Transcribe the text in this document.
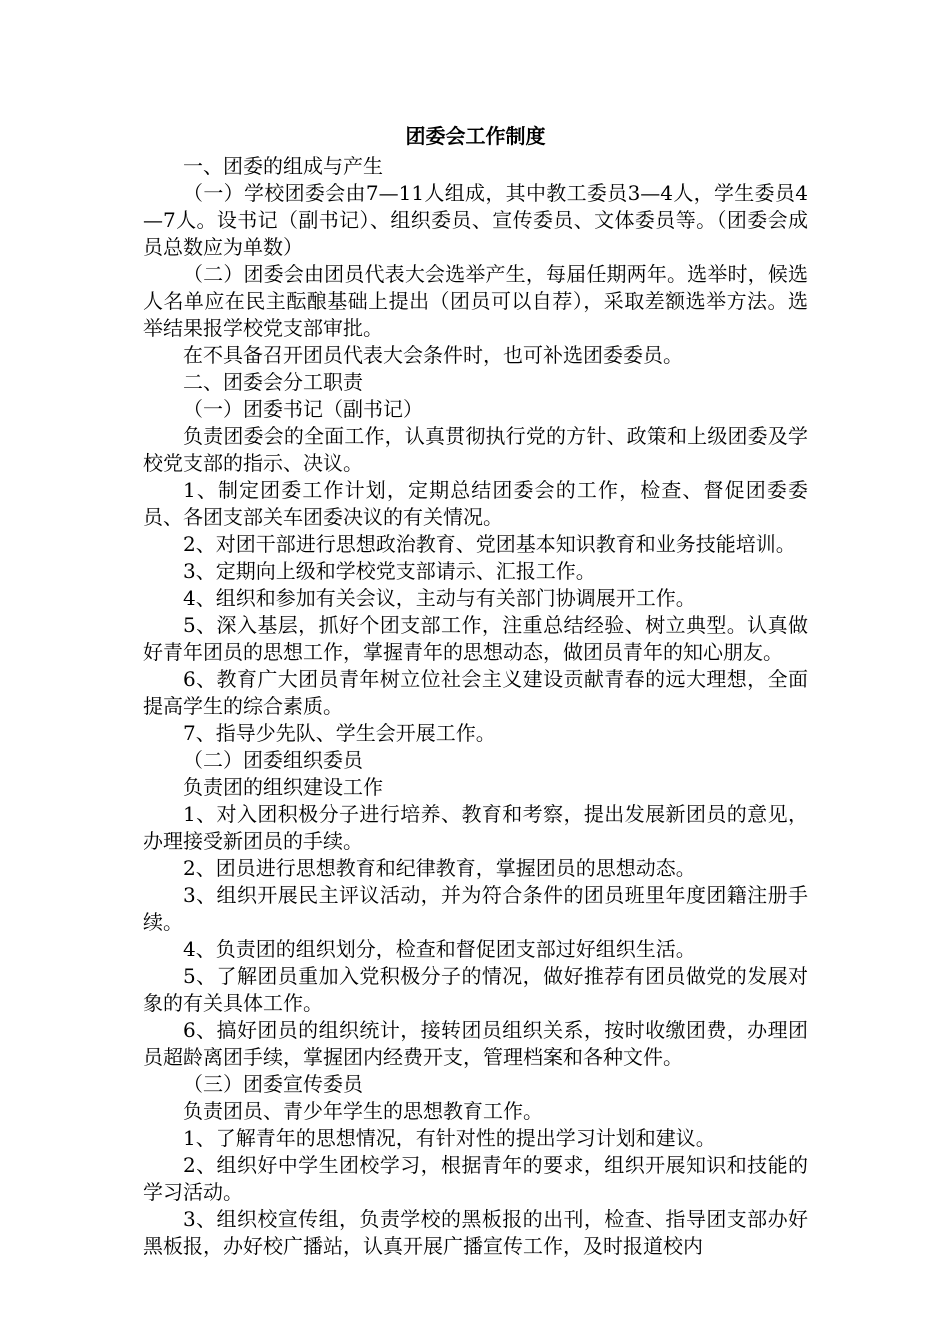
团委会工作制度

一、团委的组成与产生

（一）学校团委会由7—11人组成，其中教工委员3—4人，学生委员4—7人。设书记（副书记）、组织委员、宣传委员、文体委员等。（团委会成员总数应为单数）

（二）团委会由团员代表大会选举产生，每届任期两年。选举时，候选人名单应在民主酝酿基础上提出（团员可以自荐），采取差额选举方法。选举结果报学校党支部审批。

在不具备召开团员代表大会条件时，也可补选团委委员。

二、团委会分工职责

（一）团委书记（副书记）

负责团委会的全面工作，认真贯彻执行党的方针、政策和上级团委及学校党支部的指示、决议。

1、制定团委工作计划，定期总结团委会的工作，检查、督促团委委员、各团支部关车团委决议的有关情况。

2、对团干部进行思想政治教育、党团基本知识教育和业务技能培训。

3、定期向上级和学校党支部请示、汇报工作。

4、组织和参加有关会议，主动与有关部门协调展开工作。

5、深入基层，抓好个团支部工作，注重总结经验、树立典型。认真做好青年团员的思想工作，掌握青年的思想动态，做团员青年的知心朋友。

6、教育广大团员青年树立位社会主义建设贡献青春的远大理想，全面提高学生的综合素质。

7、指导少先队、学生会开展工作。

（二）团委组织委员

负责团的组织建设工作

1、对入团积极分子进行培养、教育和考察，提出发展新团员的意见，办理接受新团员的手续。

2、团员进行思想教育和纪律教育，掌握团员的思想动态。

3、组织开展民主评议活动，并为符合条件的团员班里年度团籍注册手续。

4、负责团的组织划分，检查和督促团支部过好组织生活。

5、了解团员重加入党积极分子的情况，做好推荐有团员做党的发展对象的有关具体工作。

6、搞好团员的组织统计，接转团员组织关系，按时收缴团费，办理团员超龄离团手续，掌握团内经费开支，管理档案和各种文件。

（三）团委宣传委员

负责团员、青少年学生的思想教育工作。

1、了解青年的思想情况，有针对性的提出学习计划和建议。

2、组织好中学生团校学习，根据青年的要求，组织开展知识和技能的学习活动。

3、组织校宣传组，负责学校的黑板报的出刊，检查、指导团支部办好黑板报，办好校广播站，认真开展广播宣传工作，及时报道校内
